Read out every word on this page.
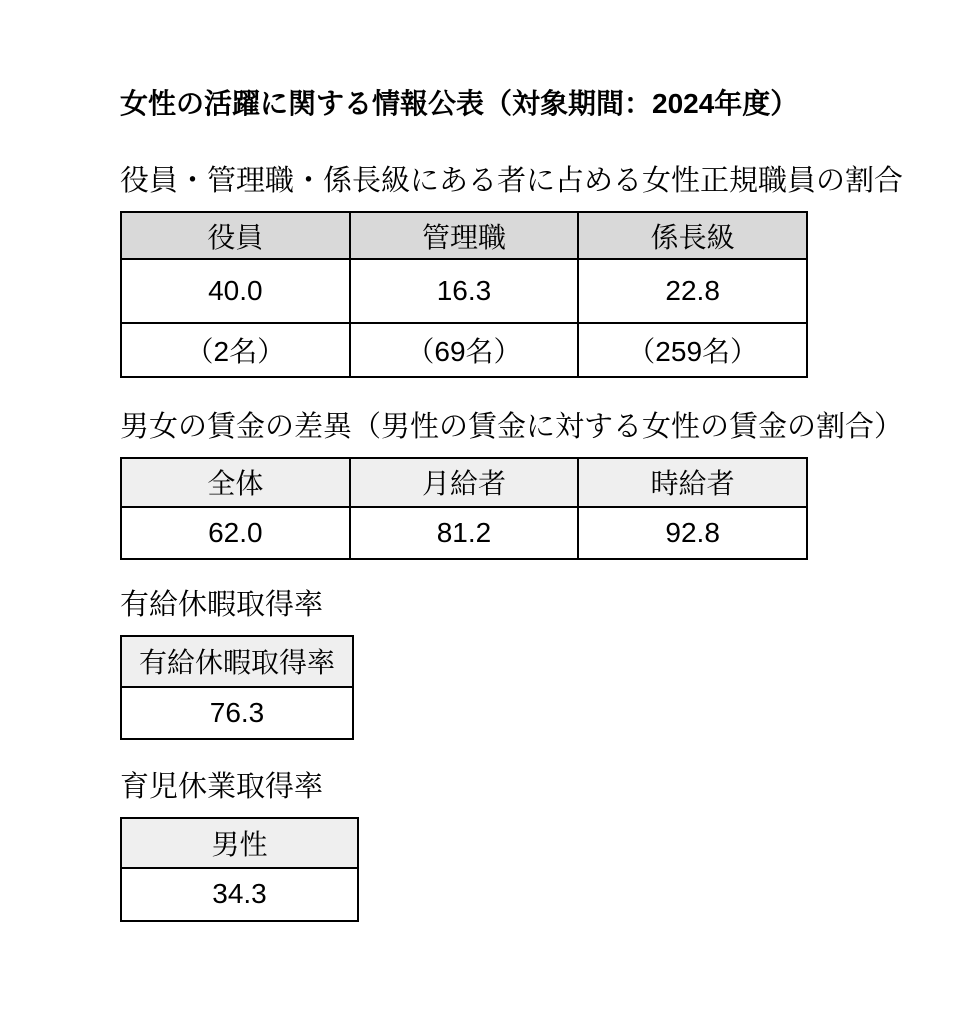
女性の活躍に関する情報公表（対象期間：2024年度）
役員・管理職・係長級にある者に占める女性正規職員の割合
役員	管理職	係長級
40.0	16.3	22.8
（2名）	（69名）	（259名）
男女の賃金の差異（男性の賃金に対する女性の賃金の割合）
全体	月給者	時給者
62.0	81.2	92.8
有給休暇取得率
有給休暇取得率
76.3
育児休業取得率
男性
34.3
